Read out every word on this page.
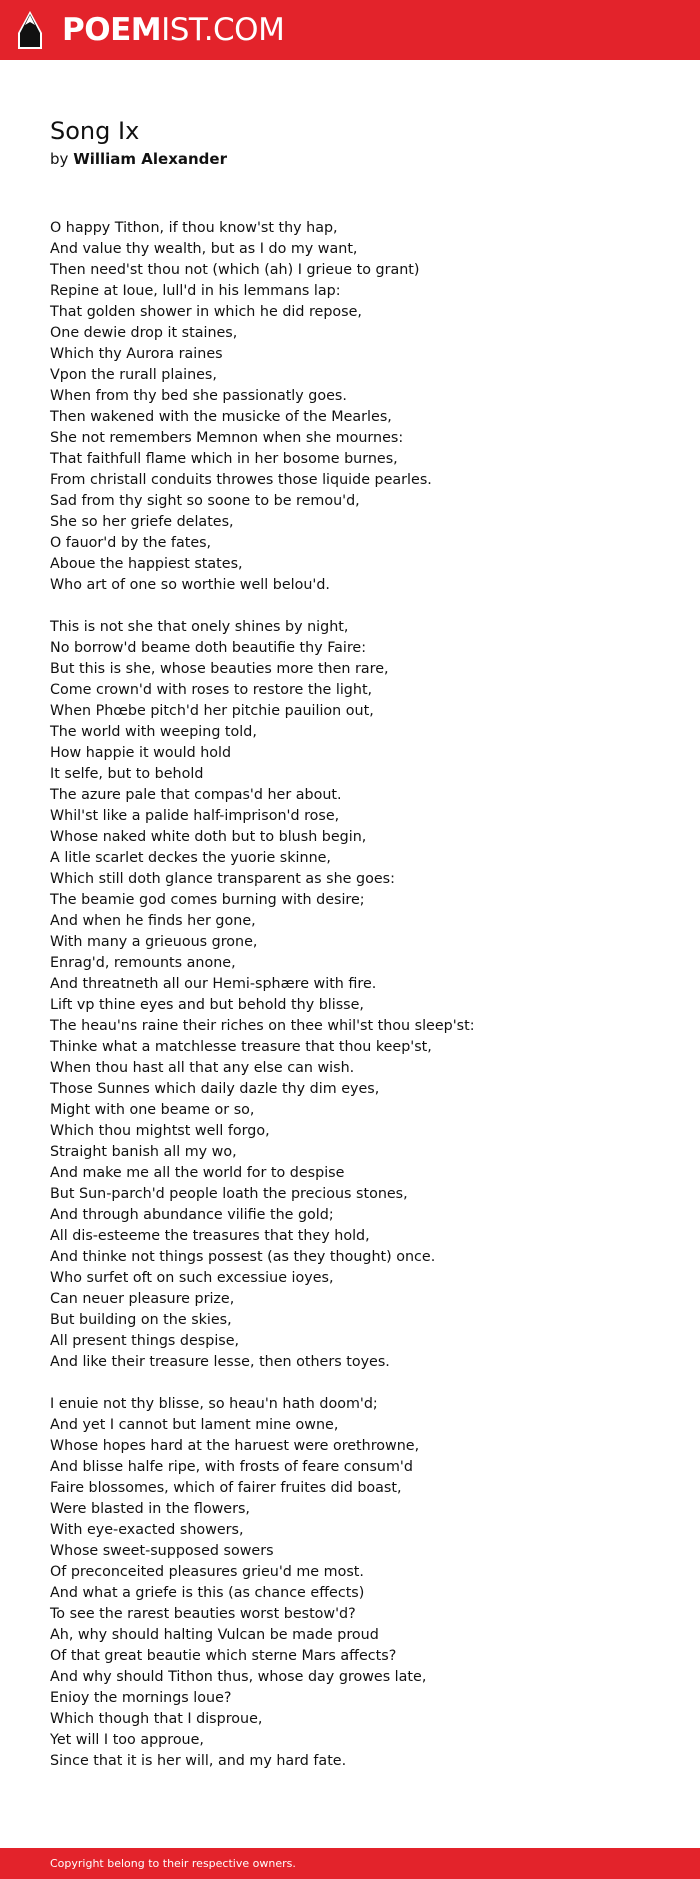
POEMIST.COM
Song Ix
by William Alexander
O happy Tithon, if thou know'st thy hap,
And value thy wealth, but as I do my want,
Then need'st thou not (which (ah) I grieue to grant)
Repine at Ioue, lull'd in his lemmans lap:
That golden shower in which he did repose,
One dewie drop it staines,
Which thy Aurora raines
Vpon the rurall plaines,
When from thy bed she passionatly goes.
Then wakened with the musicke of the Mearles,
She not remembers Memnon when she mournes:
That faithfull flame which in her bosome burnes,
From christall conduits throwes those liquide pearles.
Sad from thy sight so soone to be remou'd,
She so her griefe delates,
O fauor'd by the fates,
Aboue the happiest states,
Who art of one so worthie well belou'd.
This is not she that onely shines by night,
No borrow'd beame doth beautifie thy Faire:
But this is she, whose beauties more then rare,
Come crown'd with roses to restore the light,
When Phœbe pitch'd her pitchie pauilion out,
The world with weeping told,
How happie it would hold
It selfe, but to behold
The azure pale that compas'd her about.
Whil'st like a palide half-imprison'd rose,
Whose naked white doth but to blush begin,
A litle scarlet deckes the yuorie skinne,
Which still doth glance transparent as she goes:
The beamie god comes burning with desire;
And when he finds her gone,
With many a grieuous grone,
Enrag'd, remounts anone,
And threatneth all our Hemi-sphære with fire.
Lift vp thine eyes and but behold thy blisse,
The heau'ns raine their riches on thee whil'st thou sleep'st:
Thinke what a matchlesse treasure that thou keep'st,
When thou hast all that any else can wish.
Those Sunnes which daily dazle thy dim eyes,
Might with one beame or so,
Which thou mightst well forgo,
Straight banish all my wo,
And make me all the world for to despise
But Sun-parch'd people loath the precious stones,
And through abundance vilifie the gold;
All dis-esteeme the treasures that they hold,
And thinke not things possest (as they thought) once.
Who surfet oft on such excessiue ioyes,
Can neuer pleasure prize,
But building on the skies,
All present things despise,
And like their treasure lesse, then others toyes.
I enuie not thy blisse, so heau'n hath doom'd;
And yet I cannot but lament mine owne,
Whose hopes hard at the haruest were orethrowne,
And blisse halfe ripe, with frosts of feare consum'd
Faire blossomes, which of fairer fruites did boast,
Were blasted in the flowers,
With eye-exacted showers,
Whose sweet-supposed sowers
Of preconceited pleasures grieu'd me most.
And what a griefe is this (as chance effects)
To see the rarest beauties worst bestow'd?
Ah, why should halting Vulcan be made proud
Of that great beautie which sterne Mars affects?
And why should Tithon thus, whose day growes late,
Enioy the mornings loue?
Which though that I disproue,
Yet will I too approue,
Since that it is her will, and my hard fate.
Copyright belong to their respective owners.
